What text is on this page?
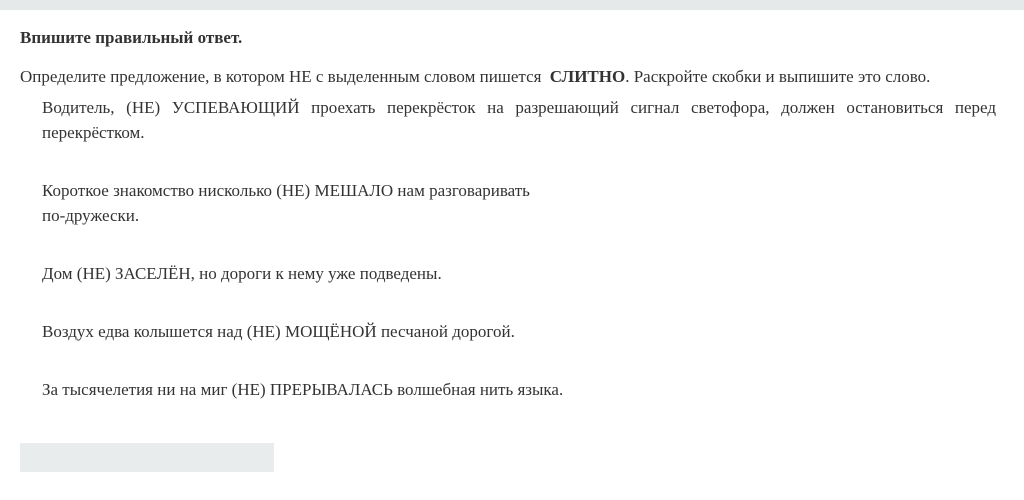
Впишите правильный ответ.

Определите предложение, в котором НЕ с выделенным словом пишется СЛИТНО. Раскройте скобки и выпишите это слово.
Водитель, (НЕ) УСПЕВАЮЩИЙ проехать перекрёсток на разрешающий сигнал светофора, должен остановиться перед перекрёстком.
Короткое знакомство нисколько (НЕ) МЕШАЛО нам разговаривать
по-дружески.
Дом (НЕ) ЗАСЕЛЁН, но дороги к нему уже подведены.
Воздух едва колышется над (НЕ) МОЩЁНОЙ песчаной дорогой.
За тысячелетия ни на миг (НЕ) ПРЕРЫВАЛАСЬ волшебная нить языка.
